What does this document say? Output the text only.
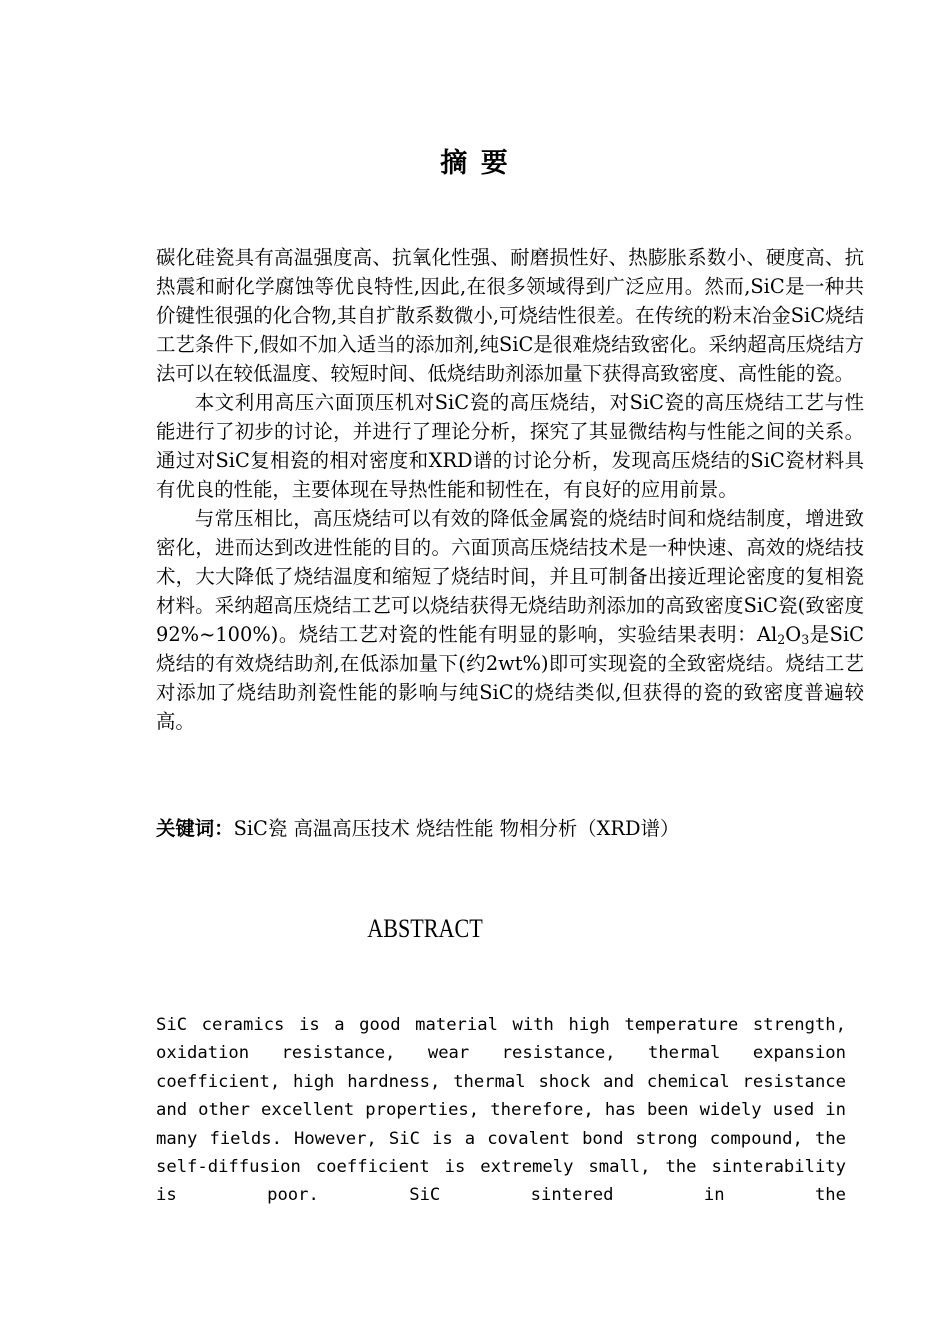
摘 要

碳化硅瓷具有高温强度高、抗氧化性强、耐磨损性好、热膨胀系数小、硬度高、抗热震和耐化学腐蚀等优良特性,因此,在很多领域得到广泛应用。然而,SiC是一种共价键性很强的化合物,其自扩散系数微小,可烧结性很差。在传统的粉末冶金SiC烧结工艺条件下,假如不加入适当的添加剂,纯SiC是很难烧结致密化。采纳超高压烧结方法可以在较低温度、较短时间、低烧结助剂添加量下获得高致密度、高性能的瓷。

本文利用高压六面顶压机对SiC瓷的高压烧结，对SiC瓷的高压烧结工艺与性能进行了初步的讨论，并进行了理论分析，探究了其显微结构与性能之间的关系。通过对SiC复相瓷的相对密度和XRD谱的讨论分析，发现高压烧结的SiC瓷材料具有优良的性能，主要体现在导热性能和韧性在，有良好的应用前景。

与常压相比，高压烧结可以有效的降低金属瓷的烧结时间和烧结制度，增进致密化，进而达到改进性能的目的。六面顶高压烧结技术是一种快速、高效的烧结技术，大大降低了烧结温度和缩短了烧结时间，并且可制备出接近理论密度的复相瓷材料。采纳超高压烧结工艺可以烧结获得无烧结助剂添加的高致密度SiC瓷(致密度92%~100%)。烧结工艺对瓷的性能有明显的影响，实验结果表明：$Al_2O_3$是SiC烧结的有效烧结助剂,在低添加量下(约2wt%)即可实现瓷的全致密烧结。烧结工艺对添加了烧结助剂瓷性能的影响与纯SiC的烧结类似,但获得的瓷的致密度普遍较高。

关键词：SiC瓷 高温高压技术 烧结性能 物相分析（XRD谱）
ABSTRACT

SiC ceramics is a good material with high temperature strength, oxidation resistance, wear resistance, thermal expansion coefficient, high hardness, thermal shock and chemical resistance and other excellent properties, therefore, has been widely used in many fields. However, SiC is a covalent bond strong compound, the self-diffusion coefficient is extremely small, the sinterability is poor. SiC sintered in the
